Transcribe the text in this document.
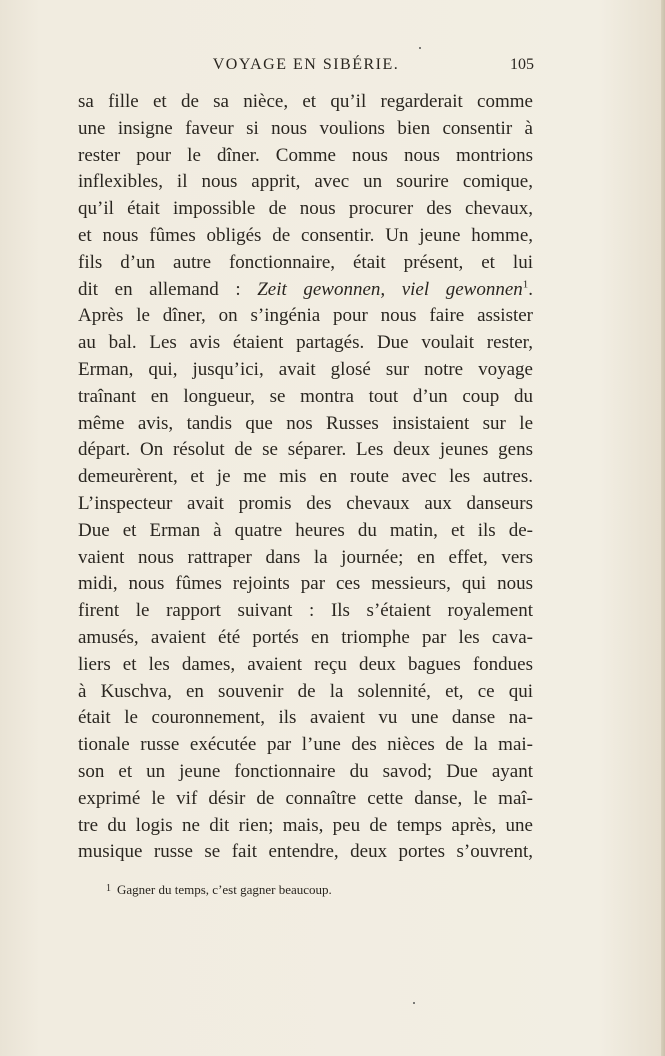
VOYAGE EN SIBÉRIE.	105
sa fille et de sa nièce, et qu’il regarderait comme
une insigne faveur si nous voulions bien consentir à
rester pour le dîner. Comme nous nous montrions
inflexibles, il nous apprit, avec un sourire comique,
qu’il était impossible de nous procurer des chevaux,
et nous fûmes obligés de consentir. Un jeune homme,
fils d’un autre fonctionnaire, était présent, et lui
dit en allemand : Zeit gewonnen, viel gewonnen$^1$.
Après le dîner, on s’ingénia pour nous faire assister
au bal. Les avis étaient partagés. Due voulait rester,
Erman, qui, jusqu’ici, avait glosé sur notre voyage
traînant en longueur, se montra tout d’un coup du
même avis, tandis que nos Russes insistaient sur le
départ. On résolut de se séparer. Les deux jeunes gens
demeurèrent, et je me mis en route avec les autres.
L’inspecteur avait promis des chevaux aux danseurs
Due et Erman à quatre heures du matin, et ils de-
vaient nous rattraper dans la journée; en effet, vers
midi, nous fûmes rejoints par ces messieurs, qui nous
firent le rapport suivant : Ils s’étaient royalement
amusés, avaient été portés en triomphe par les cava-
liers et les dames, avaient reçu deux bagues fondues
à Kuschva, en souvenir de la solennité, et, ce qui
était le couronnement, ils avaient vu une danse na-
tionale russe exécutée par l’une des nièces de la mai-
son et un jeune fonctionnaire du savod; Due ayant
exprimé le vif désir de connaître cette danse, le maî-
tre du logis ne dit rien; mais, peu de temps après, une
musique russe se fait entendre, deux portes s’ouvrent,
$^1$ Gagner du temps, c’est gagner beaucoup.
